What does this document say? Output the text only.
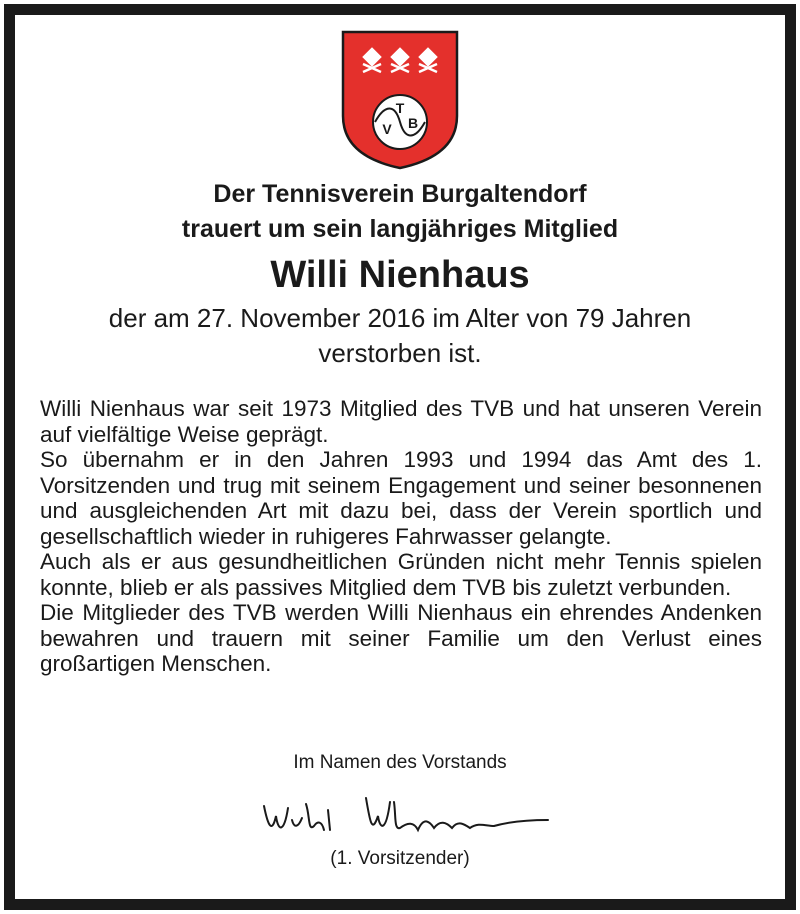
T
V B
Der Tennisverein Burgaltendorf
trauert um sein langjähriges Mitglied
Willi Nienhaus
der am 27. November 2016 im Alter von 79 Jahren
verstorben ist.

Willi Nienhaus war seit 1973 Mitglied des TVB und hat unseren Verein auf vielfältige Weise geprägt.

So übernahm er in den Jahren 1993 und 1994 das Amt des 1. Vorsitzenden und trug mit seinem Engagement und seiner besonnenen und ausgleichenden Art mit dazu bei, dass der Verein sportlich und gesellschaftlich wieder in ruhigeres Fahrwasser gelangte.

Auch als er aus gesundheitlichen Gründen nicht mehr Tennis spielen konnte, blieb er als passives Mitglied dem TVB bis zuletzt verbunden.

Die Mitglieder des TVB werden Willi Nienhaus ein ehrendes Andenken bewahren und trauern mit seiner Familie um den Verlust eines großartigen Menschen.

Im Namen des Vorstands
(1. Vorsitzender)
